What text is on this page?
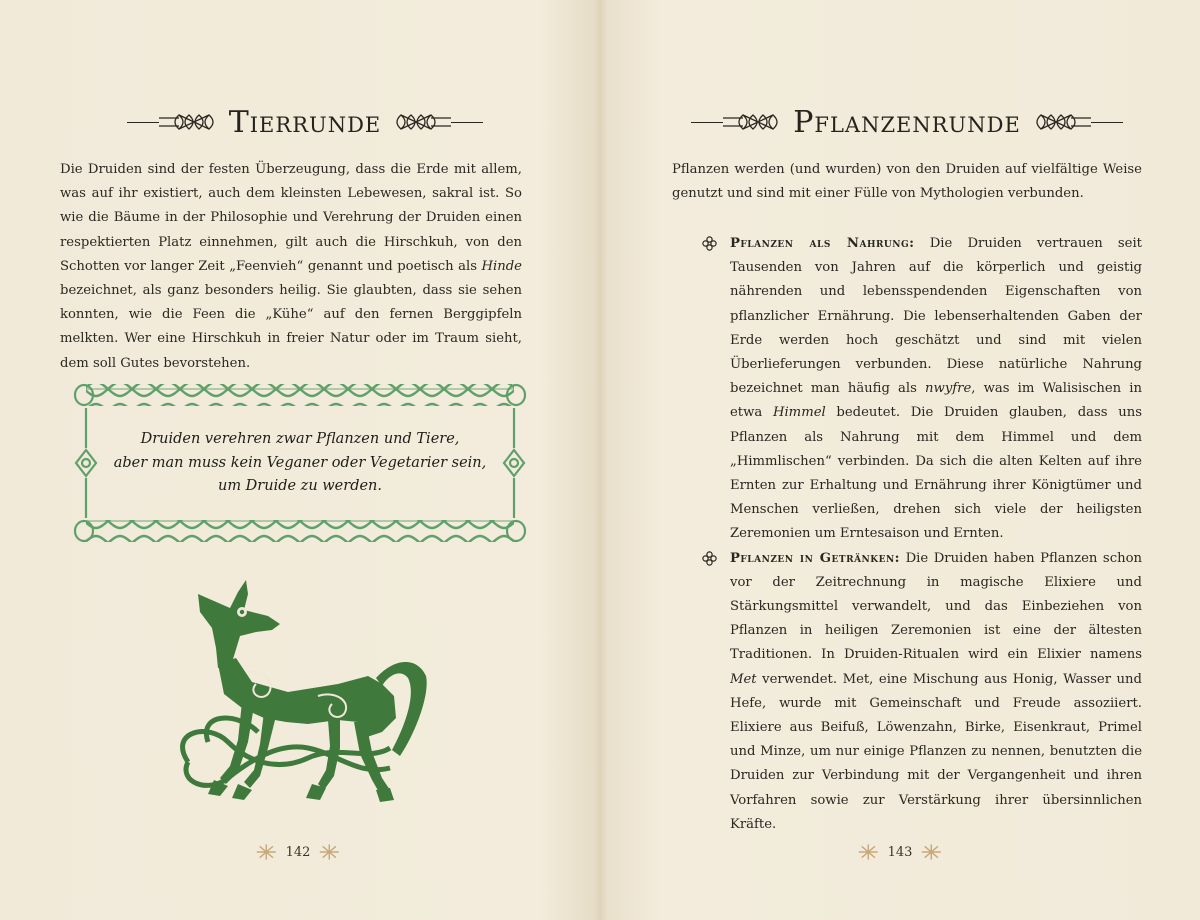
Tierrunde

Die Druiden sind der festen Überzeugung, dass die Erde mit allem, was auf ihr existiert, auch dem kleinsten Lebewesen, sakral ist. So wie die Bäume in der Philosophie und Verehrung der Druiden einen respektierten Platz einnehmen, gilt auch die Hirschkuh, von den Schotten vor langer Zeit „Feenvieh“ genannt und poetisch als Hinde bezeichnet, als ganz besonders heilig. Sie glaubten, dass sie sehen konnten, wie die Feen die „Kühe“ auf den fernen Berggipfeln melkten. Wer eine Hirschkuh in freier Natur oder im Traum sieht, dem soll Gutes bevorstehen.

Druiden verehren zwar Pflanzen und Tiere,
aber man muss kein Veganer oder Vegetarier sein,
um Druide zu werden.
142
Pflanzenrunde

Pflanzen werden (und wurden) von den Druiden auf vielfältige Weise genutzt und sind mit einer Fülle von Mythologien verbunden.

Pflanzen als Nahrung: Die Druiden vertrauen seit Tausenden von Jahren auf die körperlich und geistig nährenden und lebensspendenden Eigenschaften von pflanzlicher Ernährung. Die lebenserhaltenden Gaben der Erde werden hoch geschätzt und sind mit vielen Überlieferungen verbunden. Diese natürliche Nahrung bezeichnet man häufig als nwyfre, was im Walisischen in etwa Himmel bedeutet. Die Druiden glauben, dass uns Pflanzen als Nahrung mit dem Himmel und dem „Himmlischen“ verbinden. Da sich die alten Kelten auf ihre Ernten zur Erhaltung und Ernährung ihrer Königtümer und Menschen verließen, drehen sich viele der heiligsten Zeremonien um Erntesaison und Ernten.
Pflanzen in Getränken: Die Druiden haben Pflanzen schon vor der Zeitrechnung in magische Elixiere und Stärkungsmittel verwandelt, und das Einbeziehen von Pflanzen in heiligen Zeremonien ist eine der ältesten Traditionen. In Druiden-Ritualen wird ein Elixier namens Met verwendet. Met, eine Mischung aus Honig, Wasser und Hefe, wurde mit Gemeinschaft und Freude assoziiert. Elixiere aus Beifuß, Löwenzahn, Birke, Eisenkraut, Primel und Minze, um nur einige Pflanzen zu nennen, benutzten die Druiden zur Verbindung mit der Vergangenheit und ihren Vorfahren sowie zur Verstärkung ihrer übersinnlichen Kräfte.
143
